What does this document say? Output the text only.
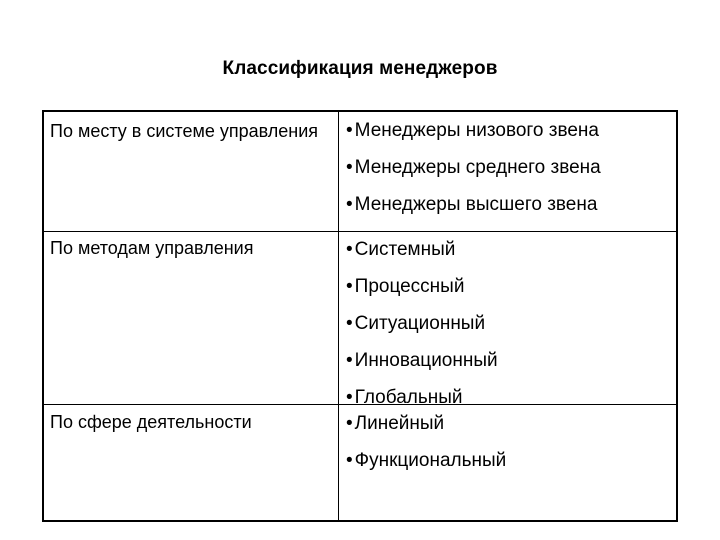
Классификация менеджеров
По месту в системе управления	• Менеджеры низового звена
• Менеджеры среднего звена
• Менеджеры высшего звена
По методам управления	• Системный
• Процессный
• Ситуационный
• Инновационный
• Глобальный
По сфере деятельности	• Линейный
• Функциональный
